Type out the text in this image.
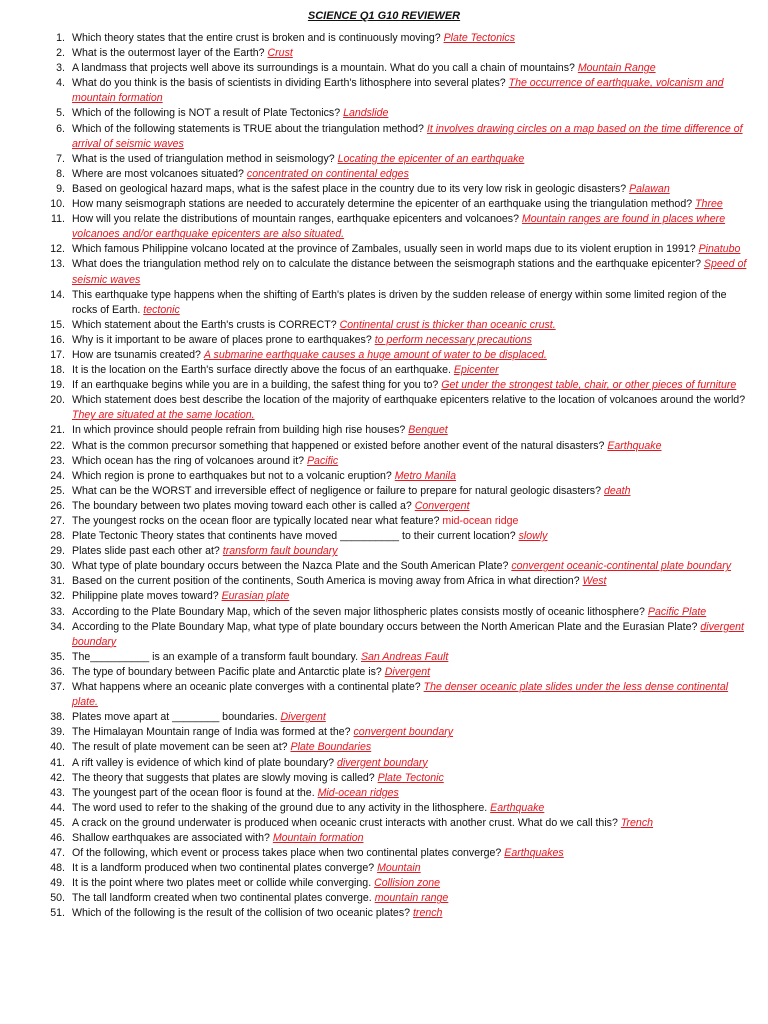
SCIENCE Q1 G10 REVIEWER
1. Which theory states that the entire crust is broken and is continuously moving? Plate Tectonics
2. What is the outermost layer of the Earth? Crust
3. A landmass that projects well above its surroundings is a mountain. What do you call a chain of mountains? Mountain Range
4. What do you think is the basis of scientists in dividing Earth's lithosphere into several plates? The occurrence of earthquake, volcanism and mountain formation
5. Which of the following is NOT a result of Plate Tectonics? Landslide
6. Which of the following statements is TRUE about the triangulation method? It involves drawing circles on a map based on the time difference of arrival of seismic waves
7. What is the used of triangulation method in seismology? Locating the epicenter of an earthquake
8. Where are most volcanoes situated? concentrated on continental edges
9. Based on geological hazard maps, what is the safest place in the country due to its very low risk in geologic disasters? Palawan
10. How many seismograph stations are needed to accurately determine the epicenter of an earthquake using the triangulation method? Three
11. How will you relate the distributions of mountain ranges, earthquake epicenters and volcanoes? Mountain ranges are found in places where volcanoes and/or earthquake epicenters are also situated.
12. Which famous Philippine volcano located at the province of Zambales, usually seen in world maps due to its violent eruption in 1991? Pinatubo
13. What does the triangulation method rely on to calculate the distance between the seismograph stations and the earthquake epicenter? Speed of seismic waves
14. This earthquake type happens when the shifting of Earth's plates is driven by the sudden release of energy within some limited region of the rocks of Earth. tectonic
15. Which statement about the Earth's crusts is CORRECT? Continental crust is thicker than oceanic crust.
16. Why is it important to be aware of places prone to earthquakes? to perform necessary precautions
17. How are tsunamis created? A submarine earthquake causes a huge amount of water to be displaced.
18. It is the location on the Earth's surface directly above the focus of an earthquake. Epicenter
19. If an earthquake begins while you are in a building, the safest thing for you to? Get under the strongest table, chair, or other pieces of furniture
20. Which statement does best describe the location of the majority of earthquake epicenters relative to the location of volcanoes around the world? They are situated at the same location.
21. In which province should people refrain from building high rise houses? Benguet
22. What is the common precursor something that happened or existed before another event of the natural disasters? Earthquake
23. Which ocean has the ring of volcanoes around it? Pacific
24. Which region is prone to earthquakes but not to a volcanic eruption? Metro Manila
25. What can be the WORST and irreversible effect of negligence or failure to prepare for natural geologic disasters? death
26. The boundary between two plates moving toward each other is called a? Convergent
27. The youngest rocks on the ocean floor are typically located near what feature? mid-ocean ridge
28. Plate Tectonic Theory states that continents have moved __________ to their current location? slowly
29. Plates slide past each other at? transform fault boundary
30. What type of plate boundary occurs between the Nazca Plate and the South American Plate? convergent oceanic-continental plate boundary
31. Based on the current position of the continents, South America is moving away from Africa in what direction? West
32. Philippine plate moves toward? Eurasian plate
33. According to the Plate Boundary Map, which of the seven major lithospheric plates consists mostly of oceanic lithosphere? Pacific Plate
34. According to the Plate Boundary Map, what type of plate boundary occurs between the North American Plate and the Eurasian Plate? divergent boundary
35. The__________ is an example of a transform fault boundary. San Andreas Fault
36. The type of boundary between Pacific plate and Antarctic plate is? Divergent
37. What happens where an oceanic plate converges with a continental plate? The denser oceanic plate slides under the less dense continental plate.
38. Plates move apart at ________ boundaries. Divergent
39. The Himalayan Mountain range of India was formed at the? convergent boundary
40. The result of plate movement can be seen at? Plate Boundaries
41. A rift valley is evidence of which kind of plate boundary? divergent boundary
42. The theory that suggests that plates are slowly moving is called? Plate Tectonic
43. The youngest part of the ocean floor is found at the. Mid-ocean ridges
44. The word used to refer to the shaking of the ground due to any activity in the lithosphere. Earthquake
45. A crack on the ground underwater is produced when oceanic crust interacts with another crust. What do we call this? Trench
46. Shallow earthquakes are associated with? Mountain formation
47. Of the following, which event or process takes place when two continental plates converge? Earthquakes
48. It is a landform produced when two continental plates converge? Mountain
49. It is the point where two plates meet or collide while converging. Collision zone
50. The tall landform created when two continental plates converge. mountain range
51. Which of the following is the result of the collision of two oceanic plates? trench
